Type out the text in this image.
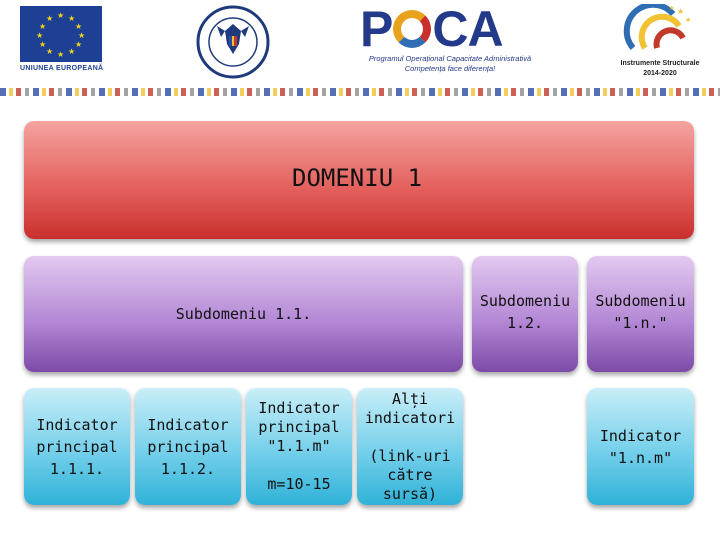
★ ★
★
★
★
★
★
★
★
★
★
★
UNIUNEA EUROPEANĂ
P CA
Programul Operațional Capacitate Administrativă
Competența face diferența!
★
★
★
Instrumente Structurale
2014-2020
DOMENIU 1
Subdomeniu 1.1.
Subdomeniu
1.2.
Subdomeniu
"1.n."
Indicator
principal
1.1.1.
Indicator
principal
1.1.2.
Indicator
principal
"1.1.m"

m=10-15
Alți
indicatori

(link-uri
către sursă)
Indicator
"1.n.m"
